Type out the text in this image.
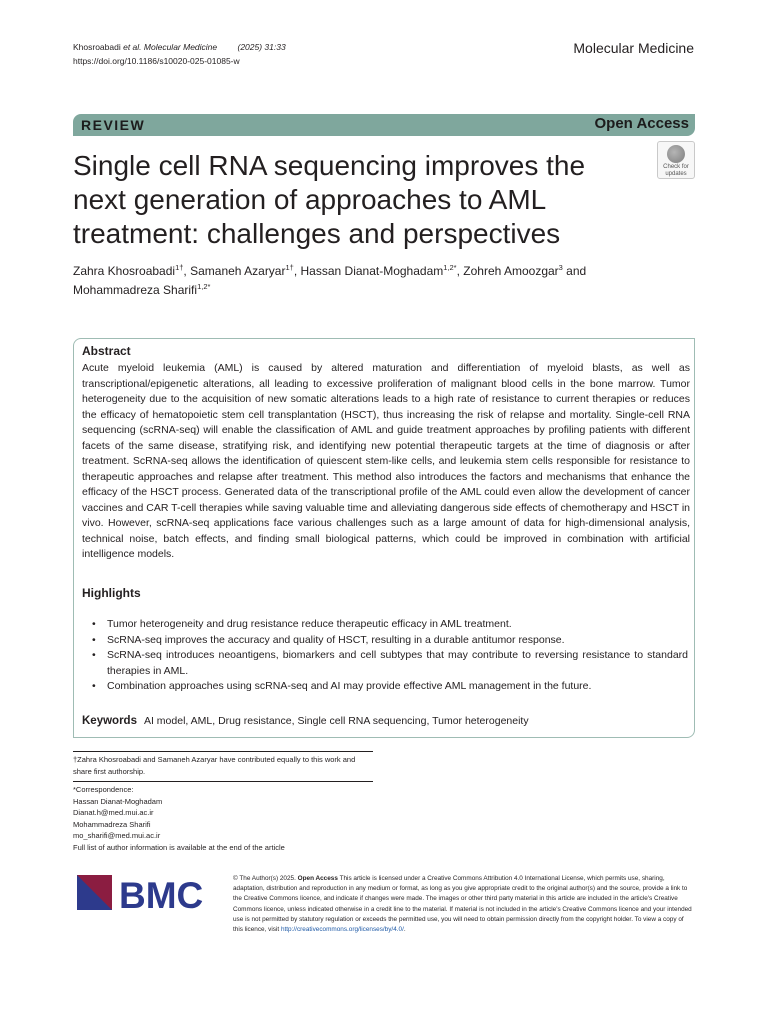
Khosroabadi et al. Molecular Medicine (2025) 31:33
https://doi.org/10.1186/s10020-025-01085-w
Molecular Medicine
REVIEW	Open Access
Single cell RNA sequencing improves the next generation of approaches to AML treatment: challenges and perspectives
Check for
updates
Zahra Khosroabadi$^{1\dagger}$, Samaneh Azaryar$^{1\dagger}$, Hassan Dianat-Moghadam$^{1,2*}$, Zohreh Amoozgar$^3$ and
Mohammadreza Sharifi$^{1,2*}$
Abstract

Acute myeloid leukemia (AML) is caused by altered maturation and differentiation of myeloid blasts, as well as transcriptional/epigenetic alterations, all leading to excessive proliferation of malignant blood cells in the bone marrow. Tumor heterogeneity due to the acquisition of new somatic alterations leads to a high rate of resistance to current therapies or reduces the efficacy of hematopoietic stem cell transplantation (HSCT), thus increasing the risk of relapse and mortality. Single-cell RNA sequencing (scRNA-seq) will enable the classification of AML and guide treatment approaches by profiling patients with different facets of the same disease, stratifying risk, and identifying new potential therapeutic targets at the time of diagnosis or after treatment. ScRNA-seq allows the identification of quiescent stem-like cells, and leukemia stem cells responsible for resistance to therapeutic approaches and relapse after treatment. This method also introduces the factors and mechanisms that enhance the efficacy of the HSCT process. Generated data of the transcriptional profile of the AML could even allow the development of cancer vaccines and CAR T-cell therapies while saving valuable time and alleviating dangerous side effects of chemotherapy and HSCT in vivo. However, scRNA-seq applications face various challenges such as a large amount of data for high-dimensional analysis, technical noise, batch effects, and finding small biological patterns, which could be improved in combination with artificial intelligence models.

Highlights
• Tumor heterogeneity and drug resistance reduce therapeutic efficacy in AML treatment.
• ScRNA-seq improves the accuracy and quality of HSCT, resulting in a durable antitumor response.
• ScRNA-seq introduces neoantigens, biomarkers and cell subtypes that may contribute to reversing resistance to standard therapies in AML.
• Combination approaches using scRNA-seq and AI may provide effective AML management in the future.
Keywords AI model, AML, Drug resistance, Single cell RNA sequencing, Tumor heterogeneity
†Zahra Khosroabadi and Samaneh Azaryar have contributed equally to this work and share first authorship.
*Correspondence:
Hassan Dianat-Moghadam
Dianat.h@med.mui.ac.ir
Mohammadreza Sharifi
mo_sharifi@med.mui.ac.ir
Full list of author information is available at the end of the article
BMC	© The Author(s) 2025. Open Access This article is licensed under a Creative Commons Attribution 4.0 International License, which permits use, sharing, adaptation, distribution and reproduction in any medium or format, as long as you give appropriate credit to the original author(s) and the source, provide a link to the Creative Commons licence, and indicate if changes were made. The images or other third party material in this article are included in the article's Creative Commons licence, unless indicated otherwise in a credit line to the material. If material is not included in the article's Creative Commons licence and your intended use is not permitted by statutory regulation or exceeds the permitted use, you will need to obtain permission directly from the copyright holder. To view a copy of this licence, visit http://creativecommons.org/licenses/by/4.0/.
